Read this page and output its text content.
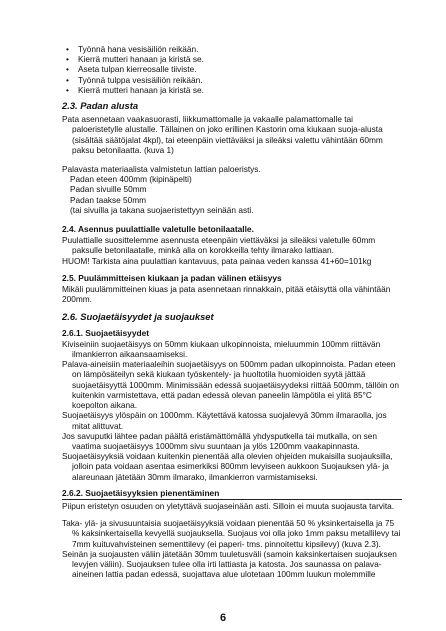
• Työnnä hana vesisäiliön reikään.
• Kierrä mutteri hanaan ja kiristä se.
• Aseta tulpan kierreosalle tiiviste.
• Työnnä tulppa vesisäiliön reikään.
• Kierrä mutteri hanaan ja kiristä se.
2.3. Padan alusta

Pata asennetaan vaakasuorasti, liikkumattomalle ja vakaalle palamattomalle tai paloeristetylle alustalle. Tällainen on joko erillinen Kastorin oma kiukaan suoja-alusta (sisältää säätöjalat 4kpl), tai eteenpäin viettäväksi ja sileäksi valettu vähintään 60mm paksu betonilaatta. (kuva 1)

Palavasta materiaalista valmistetun lattian paloeristys.

Padan eteen 400mm (kipinäpelti)

Padan sivuille 50mm

Padan taakse 50mm

(tai sivuilla ja takana suojaeristettyyn seinään asti.

2.4. Asennus puulattialle valetulle betonilaatalle.

Puulattialle suosittelemme asennusta eteenpäin viettäväksi ja sileäksi valetulle 60mm paksulle betonilaatalle, minkä alla on korokkeilla tehty ilmarako lattiaan.

HUOM! Tarkista aina puulattian kantavuus, pata painaa veden kanssa 41+60=101kg

2.5. Puulämmitteisen kiukaan ja padan välinen etäisyys

Mikäli puulämmitteinen kiuas ja pata asennetaan rinnakkain, pitää etäisyttä olla vähintään 200mm.

2.6. Suojaetäisyydet ja suojaukset
2.6.1. Suojaetäisyydet

Kiviseiniin suojaetäisyys on 50mm kiukaan ulkopinnoista, mieluummin 100mm riittävän ilmankierron aikaansaamiseksi.

Palava-aineisiin materiaaleihin suojaetäisyys on 500mm padan ulkopinnoista. Padan eteen on lämpösäteilyn sekä kiukaan työskentely- ja huoltotila huomioiden syytä jättää suojaetäisyyttä 1000mm. Minimissään edessä suojaetäisyydeksi riittää 500mm, tällöin on kuitenkin varmistettava, että padan edessä olevan paneelin lämpötila ei ylitä 85°C koepolton aikana.

Suojaetäisyys ylöspäin on 1000mm. Käytettävä katossa suojalevyä 30mm ilmaraolla, jos mitat alittuvat.

Jos savuputki lähtee padan päältä eristämättömällä yhdysputkella tai mutkalla, on sen vaatima suojaetäisyys 1000mm sivu suuntaan ja ylös 1200mm vaakapinnasta.

Suojaetäisyyksiä voidaan kuitenkin pienentää alla olevien ohjeiden mukaisilla suojauksilla, jolloin pata voidaan asentaa esimerkiksi 800mm levyiseen aukkoon Suojauksen ylä- ja alareunaan jätetään 30mm ilmarako, ilmankierron varmistamiseksi.

2.6.2. Suojaetäisyyksien pienentäminen

Piipun eristetyn osuuden on yletyttävä suojaseinään asti. Silloin ei muuta suojausta tarvita.

Taka- ylä- ja sivusuuntaisia suojaetäisyyksiä voidaan pienentää 50 % yksinkertaisella ja 75 % kaksinkertaisella kevyellä suojauksella. Suojaus voi olla joko 1mm paksu metallilevy tai 7mm kuituvahvisteinen sementtilevy (ei paperi- tms. pinnoitettu kipsilevy) (kuva 2.3).

Seinän ja suojausten väliin jätetään 30mm tuuletusväli (samoin kaksinkertaisen suojauksen levyjen väliin). Suojauksen tulee olla irti lattiasta ja katosta. Jos saunassa on palava-aineinen lattia padan edessä, suojattava alue ulotetaan 100mm luukun molemmille

6
